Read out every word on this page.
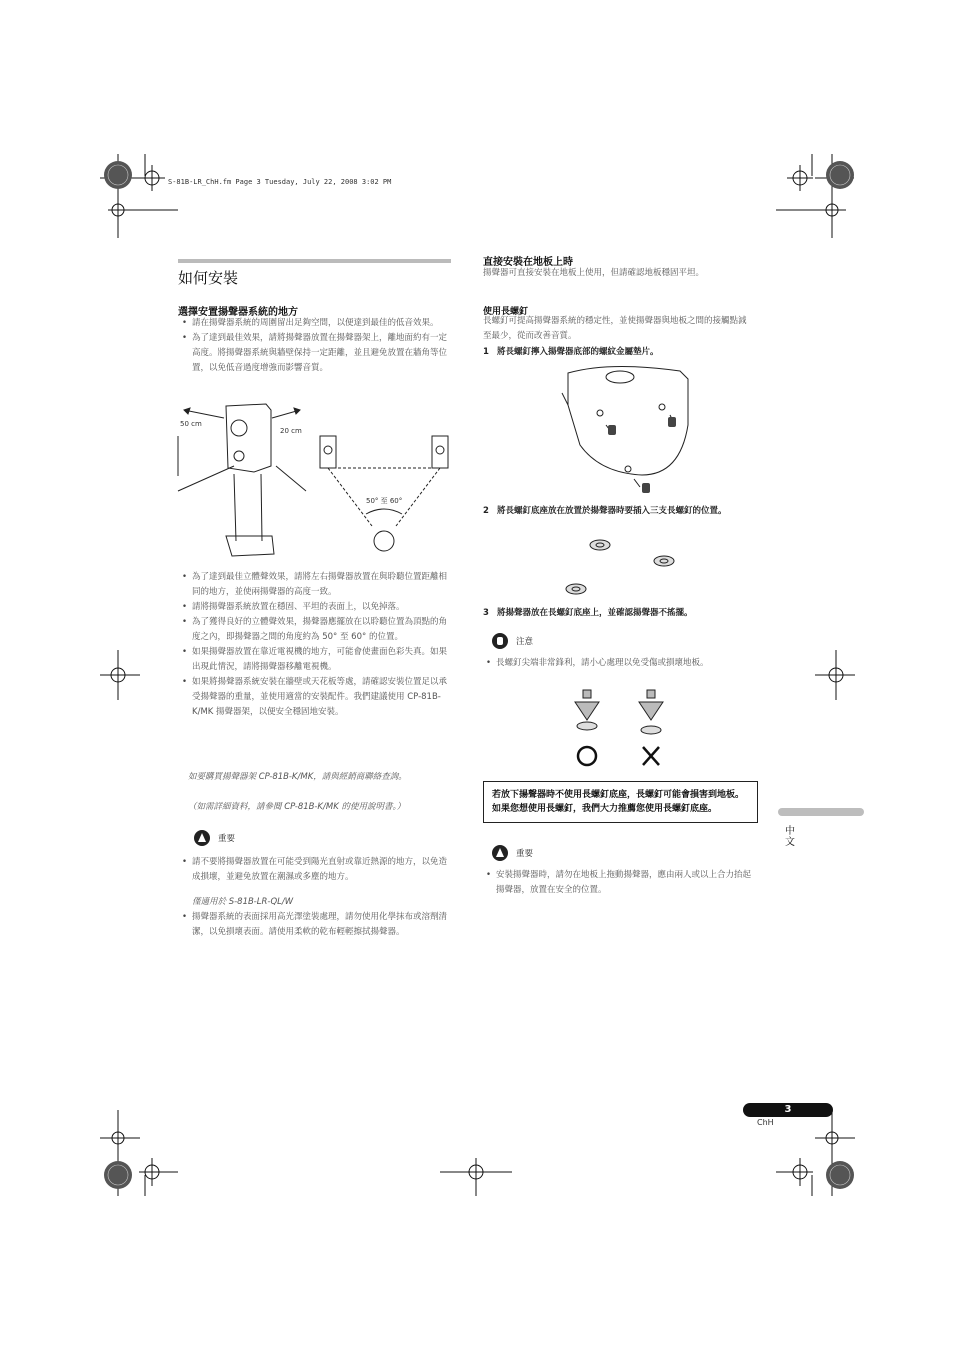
S-81B-LR_ChH.fm Page 3 Tuesday, July 22, 2008 3:02 PM
如何安裝
選擇安置揚聲器系統的地方
• 請在揚聲器系統的周圍留出足夠空間，以便達到最佳的低音效果。
• 為了達到最佳效果，請將揚聲器放置在揚聲器架上，離地面約有一定高度。將揚聲器系統與牆壁保持一定距離，並且避免放置在牆角等位置，以免低音過度增強而影響音質。
50 cm
20 cm
50° 至 60°
• 為了達到最佳立體聲效果，請將左右揚聲器放置在與聆聽位置距離相同的地方，並使兩揚聲器的高度一致。
• 請將揚聲器系統放置在穩固、平坦的表面上，以免掉落。
• 為了獲得良好的立體聲效果，揚聲器應擺放在以聆聽位置為頂點的角度之內，即揚聲器之間的角度約為 50° 至 60° 的位置。
• 如果揚聲器放置在靠近電視機的地方，可能會使畫面色彩失真。如果出現此情況，請將揚聲器移離電視機。
• 如果將揚聲器系統安裝在牆壁或天花板等處，請確認安裝位置足以承受揚聲器的重量，並使用適當的安裝配件。我們建議使用 CP-81B-K/MK 揚聲器架，以便安全穩固地安裝。
如要購買揚聲器架 CP-81B-K/MK，請與經銷商聯絡查詢。
（如需詳細資料，請參閱 CP-81B-K/MK 的使用說明書。）
重要
• 請不要將揚聲器放置在可能受到陽光直射或靠近熱源的地方，以免造成損壞，並避免放置在潮濕或多塵的地方。
僅適用於 S-81B-LR-QL/W
• 揚聲器系統的表面採用高光澤塗裝處理，請勿使用化學抹布或溶劑清潔，以免損壞表面。請使用柔軟的乾布輕輕擦拭揚聲器。
直接安裝在地板上時
揚聲器可直接安裝在地板上使用，但請確認地板穩固平坦。
使用長螺釘
長螺釘可提高揚聲器系統的穩定性，並使揚聲器與地板之間的接觸點減至最少，從而改善音質。
1 將長螺釘擰入揚聲器底部的螺紋金屬墊片。
2 將長螺釘底座放在放置於揚聲器時要插入三支長螺釘的位置。
3 將揚聲器放在長螺釘底座上，並確認揚聲器不搖擺。
注意
• 長螺釘尖端非常鋒利，請小心處理以免受傷或損壞地板。
若放下揚聲器時不使用長螺釘底座，長螺釘可能會損害到地板。如果您想使用長螺釘，我們大力推薦您使用長螺釘底座。
重要
• 安裝揚聲器時，請勿在地板上拖動揚聲器，應由兩人或以上合力抬起揚聲器，放置在安全的位置。
中文
3
ChH
